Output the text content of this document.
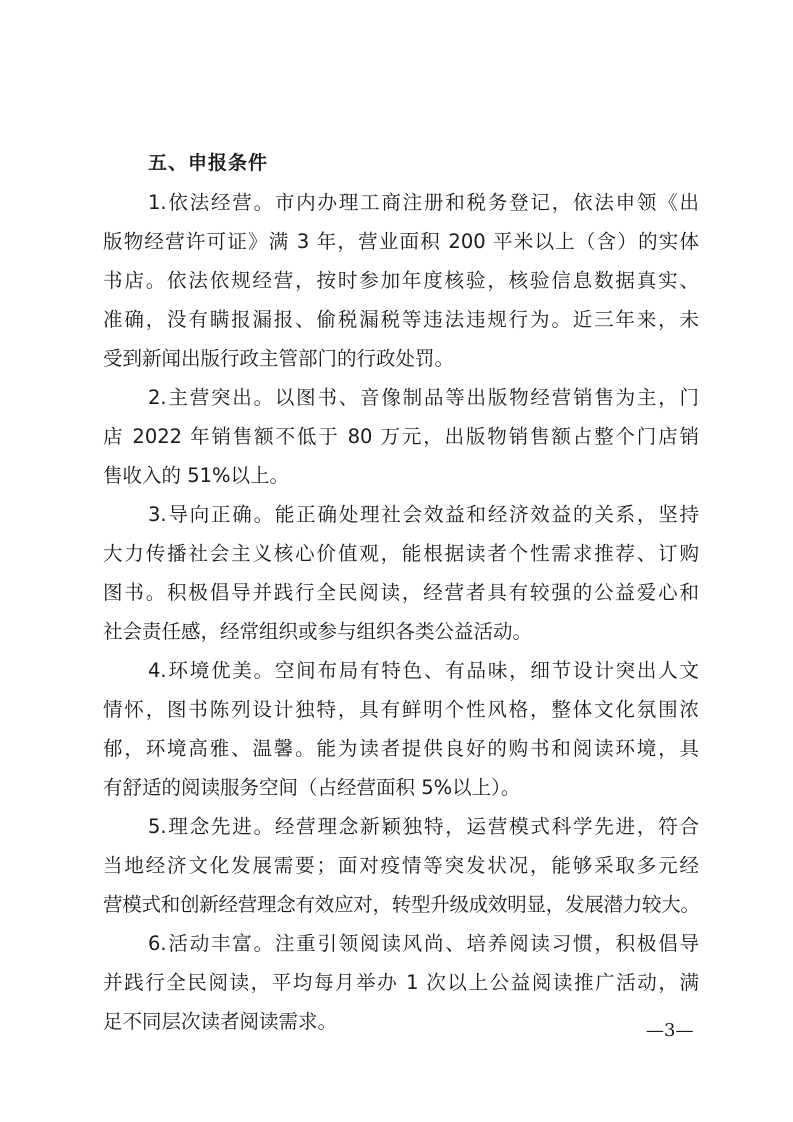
五、申报条件
1.依法经营。市内办理工商注册和税务登记，依法申领《出
版物经营许可证》满 3 年，营业面积 200 平米以上（含）的实体
书店。依法依规经营，按时参加年度核验，核验信息数据真实、
准确，没有瞒报漏报、偷税漏税等违法违规行为。近三年来，未
受到新闻出版行政主管部门的行政处罚。
2.主营突出。以图书、音像制品等出版物经营销售为主，门
店 2022 年销售额不低于 80 万元，出版物销售额占整个门店销
售收入的 51%以上。
3.导向正确。能正确处理社会效益和经济效益的关系，坚持
大力传播社会主义核心价值观，能根据读者个性需求推荐、订购
图书。积极倡导并践行全民阅读，经营者具有较强的公益爱心和
社会责任感，经常组织或参与组织各类公益活动。
4.环境优美。空间布局有特色、有品味，细节设计突出人文
情怀，图书陈列设计独特，具有鲜明个性风格，整体文化氛围浓
郁，环境高雅、温馨。能为读者提供良好的购书和阅读环境，具
有舒适的阅读服务空间（占经营面积 5%以上）。
5.理念先进。经营理念新颖独特，运营模式科学先进，符合
当地经济文化发展需要；面对疫情等突发状况，能够采取多元经
营模式和创新经营理念有效应对，转型升级成效明显，发展潜力较大。
6.活动丰富。注重引领阅读风尚、培养阅读习惯，积极倡导
并践行全民阅读，平均每月举办 1 次以上公益阅读推广活动，满
足不同层次读者阅读需求。	—3—
